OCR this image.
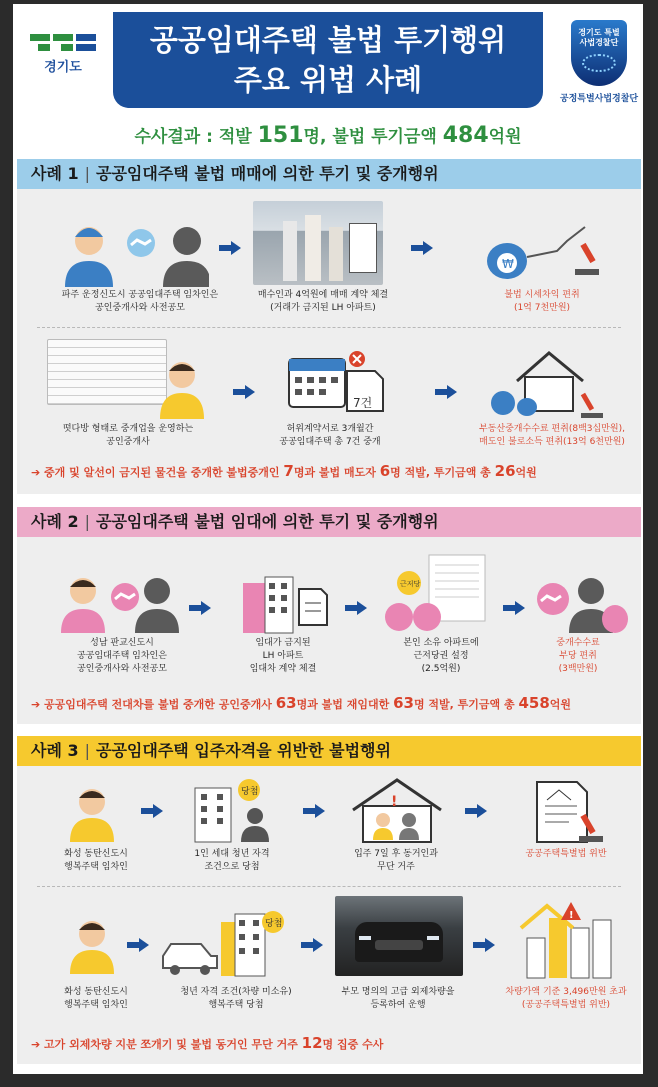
경기도
공공임대주택 불법 투기행위
주요 위법 사례
경기도 특별사법경찰단
공정특별사법경찰단
수사결과 : 적발 151명, 불법 투기금액 484억원
사례 1 | 공공임대주택 불법 매매에 의한 투기 및 중개행위
₩
파주 운정신도시 공공임대주택 임차인은
공인중개사와 사전공모
매수인과 4억원에 매매 계약 체결
(거래가 금지된 LH 아파트)
불법 시세차익 편취
(1억 7천만원)
7건
떳다방 형태로 중개업을 운영하는
공인중개사
허위계약서로 3개월간
공공임대주택 총 7건 중개
부동산중개수수료 편취(8백3십만원),
매도인 불로소득 편취(13억 6천만원)
➔ 중개 및 알선이 금지된 물건을 중개한 불법중개인 7명과 불법 매도자 6명 적발, 투기금액 총 26억원
사례 2 | 공공임대주택 불법 임대에 의한 투기 및 중개행위
근저당
성남 판교신도시
공공임대주택 임차인은
공인중개사와 사전공모
임대가 금지된
LH 아파트
임대차 계약 체결
본인 소유 아파트에
근저당권 설정
(2.5억원)
중개수수료
부당 편취
(3백만원)
➔ 공공임대주택 전대차를 불법 중개한 공인중개사 63명과 불법 재임대한 63명 적발, 투기금액 총 458억원
사례 3 | 공공임대주택 입주자격을 위반한 불법행위
당첨
!
화성 동탄신도시
행복주택 임차인
1인 세대 청년 자격
조건으로 당첨
입주 7일 후 동거인과
무단 거주
공공주택특별법 위반
당첨
!
화성 동탄신도시
행복주택 임차인
청년 자격 조건(차량 미소유)
행복주택 당첨
부모 명의의 고급 외제차량을
등록하여 운행
차량가액 기준 3,496만원 초과
(공공주택특별법 위반)
➔ 고가 외제차량 지분 쪼개기 및 불법 동거인 무단 거주 12명 집중 수사
